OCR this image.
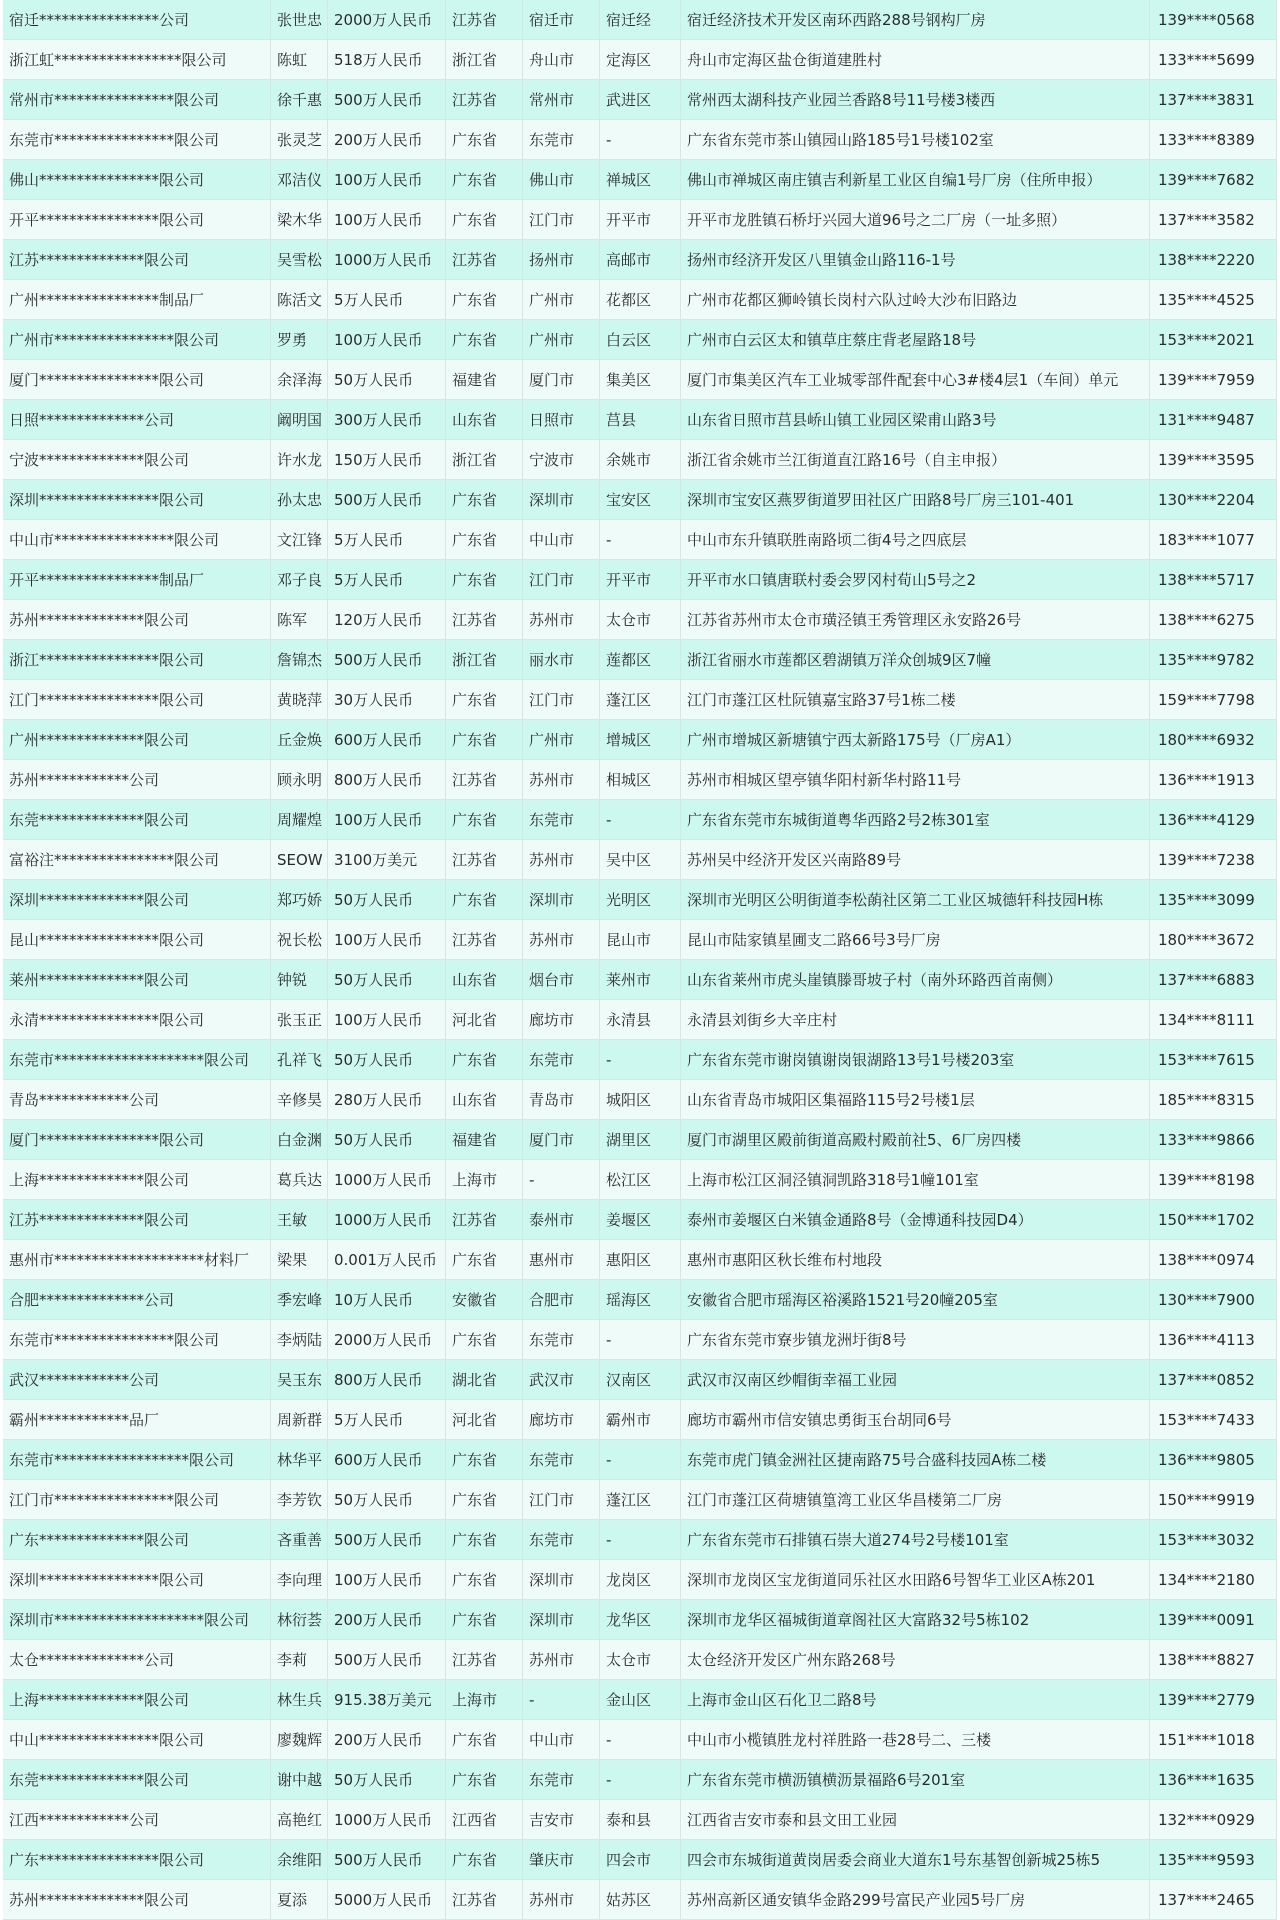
宿迁****************公司	张世忠	2000万人民币	江苏省	宿迁市	宿迁经	宿迁经济技术开发区南环西路288号钢构厂房	139****0568
浙江虹*****************限公司	陈虹	518万人民币	浙江省	舟山市	定海区	舟山市定海区盐仓街道建胜村	133****5699
常州市****************限公司	徐千惠	500万人民币	江苏省	常州市	武进区	常州西太湖科技产业园兰香路8号11号楼3楼西	137****3831
东莞市****************限公司	张灵芝	200万人民币	广东省	东莞市	-	广东省东莞市茶山镇园山路185号1号楼102室	133****8389
佛山****************限公司	邓洁仪	100万人民币	广东省	佛山市	禅城区	佛山市禅城区南庄镇吉利新星工业区自编1号厂房（住所申报）	139****7682
开平****************限公司	梁木华	100万人民币	广东省	江门市	开平市	开平市龙胜镇石桥圩兴园大道96号之二厂房（一址多照）	137****3582
江苏**************限公司	吴雪松	1000万人民币	江苏省	扬州市	高邮市	扬州市经济开发区八里镇金山路116-1号	138****2220
广州****************制品厂	陈活文	5万人民币	广东省	广州市	花都区	广州市花都区狮岭镇长岗村六队过岭大沙布旧路边	135****4525
广州市****************限公司	罗勇	100万人民币	广东省	广州市	白云区	广州市白云区太和镇草庄蔡庄背老屋路18号	153****2021
厦门****************限公司	余泽海	50万人民币	福建省	厦门市	集美区	厦门市集美区汽车工业城零部件配套中心3#楼4层1（车间）单元	139****7959
日照**************公司	阚明国	300万人民币	山东省	日照市	莒县	山东省日照市莒县峤山镇工业园区梁甫山路3号	131****9487
宁波**************限公司	许水龙	150万人民币	浙江省	宁波市	余姚市	浙江省余姚市兰江街道直江路16号（自主申报）	139****3595
深圳****************限公司	孙太忠	500万人民币	广东省	深圳市	宝安区	深圳市宝安区燕罗街道罗田社区广田路8号厂房三101-401	130****2204
中山市****************限公司	文江锋	5万人民币	广东省	中山市	-	中山市东升镇联胜南路顷二街4号之四底层	183****1077
开平****************制品厂	邓子良	5万人民币	广东省	江门市	开平市	开平市水口镇唐联村委会罗冈村荀山5号之2	138****5717
苏州**************限公司	陈军	120万人民币	江苏省	苏州市	太仓市	江苏省苏州市太仓市璜泾镇王秀管理区永安路26号	138****6275
浙江****************限公司	詹锦杰	500万人民币	浙江省	丽水市	莲都区	浙江省丽水市莲都区碧湖镇万洋众创城9区7幢	135****9782
江门****************限公司	黄晓萍	30万人民币	广东省	江门市	蓬江区	江门市蓬江区杜阮镇嘉宝路37号1栋二楼	159****7798
广州**************限公司	丘金焕	600万人民币	广东省	广州市	增城区	广州市增城区新塘镇宁西太新路175号（厂房A1）	180****6932
苏州************公司	顾永明	800万人民币	江苏省	苏州市	相城区	苏州市相城区望亭镇华阳村新华村路11号	136****1913
东莞**************限公司	周耀煌	100万人民币	广东省	东莞市	-	广东省东莞市东城街道粤华西路2号2栋301室	136****4129
富裕注****************限公司	SEOW	3100万美元	江苏省	苏州市	吴中区	苏州吴中经济开发区兴南路89号	139****7238
深圳**************限公司	郑巧娇	50万人民币	广东省	深圳市	光明区	深圳市光明区公明街道李松蓢社区第二工业区城德轩科技园H栋	135****3099
昆山****************限公司	祝长松	100万人民币	江苏省	苏州市	昆山市	昆山市陆家镇星圃支二路66号3号厂房	180****3672
莱州**************限公司	钟锐	50万人民币	山东省	烟台市	莱州市	山东省莱州市虎头崖镇滕哥坡子村（南外环路西首南侧）	137****6883
永清****************限公司	张玉正	100万人民币	河北省	廊坊市	永清县	永清县刘街乡大辛庄村	134****8111
东莞市********************限公司	孔祥飞	50万人民币	广东省	东莞市	-	广东省东莞市谢岗镇谢岗银湖路13号1号楼203室	153****7615
青岛************公司	辛修昊	280万人民币	山东省	青岛市	城阳区	山东省青岛市城阳区集福路115号2号楼1层	185****8315
厦门****************限公司	白金渊	50万人民币	福建省	厦门市	湖里区	厦门市湖里区殿前街道高殿村殿前社5、6厂房四楼	133****9866
上海**************限公司	葛兵达	1000万人民币	上海市	-	松江区	上海市松江区洞泾镇洞凯路318号1幢101室	139****8198
江苏**************限公司	王敏	1000万人民币	江苏省	泰州市	姜堰区	泰州市姜堰区白米镇金通路8号（金博通科技园D4）	150****1702
惠州市********************材料厂	梁果	0.001万人民币	广东省	惠州市	惠阳区	惠州市惠阳区秋长维布村地段	138****0974
合肥**************公司	季宏峰	10万人民币	安徽省	合肥市	瑶海区	安徽省合肥市瑶海区裕溪路1521号20幢205室	130****7900
东莞市****************限公司	李炳陆	2000万人民币	广东省	东莞市	-	广东省东莞市寮步镇龙洲圩街8号	136****4113
武汉************公司	吴玉东	800万人民币	湖北省	武汉市	汉南区	武汉市汉南区纱帽街幸福工业园	137****0852
霸州************品厂	周新群	5万人民币	河北省	廊坊市	霸州市	廊坊市霸州市信安镇忠勇街玉台胡同6号	153****7433
东莞市******************限公司	林华平	600万人民币	广东省	东莞市	-	东莞市虎门镇金洲社区捷南路75号合盛科技园A栋二楼	136****9805
江门市****************限公司	李芳钦	50万人民币	广东省	江门市	蓬江区	江门市蓬江区荷塘镇篁湾工业区华昌楼第二厂房	150****9919
广东**************限公司	吝重善	500万人民币	广东省	东莞市	-	广东省东莞市石排镇石崇大道274号2号楼101室	153****3032
深圳****************限公司	李向理	100万人民币	广东省	深圳市	龙岗区	深圳市龙岗区宝龙街道同乐社区水田路6号智华工业区A栋201	134****2180
深圳市********************限公司	林衍荟	200万人民币	广东省	深圳市	龙华区	深圳市龙华区福城街道章阁社区大富路32号5栋102	139****0091
太仓**************公司	李莉	500万人民币	江苏省	苏州市	太仓市	太仓经济开发区广州东路268号	138****8827
上海**************限公司	林生兵	915.38万美元	上海市	-	金山区	上海市金山区石化卫二路8号	139****2779
中山****************限公司	廖魏辉	200万人民币	广东省	中山市	-	中山市小榄镇胜龙村祥胜路一巷28号二、三楼	151****1018
东莞**************限公司	谢中越	50万人民币	广东省	东莞市	-	广东省东莞市横沥镇横沥景福路6号201室	136****1635
江西************公司	高艳红	1000万人民币	江西省	吉安市	泰和县	江西省吉安市泰和县文田工业园	132****0929
广东****************限公司	余维阳	500万人民币	广东省	肇庆市	四会市	四会市东城街道黄岗居委会商业大道东1号东基智创新城25栋5	135****9593
苏州**************限公司	夏添	5000万人民币	江苏省	苏州市	姑苏区	苏州高新区通安镇华金路299号富民产业园5号厂房	137****2465
